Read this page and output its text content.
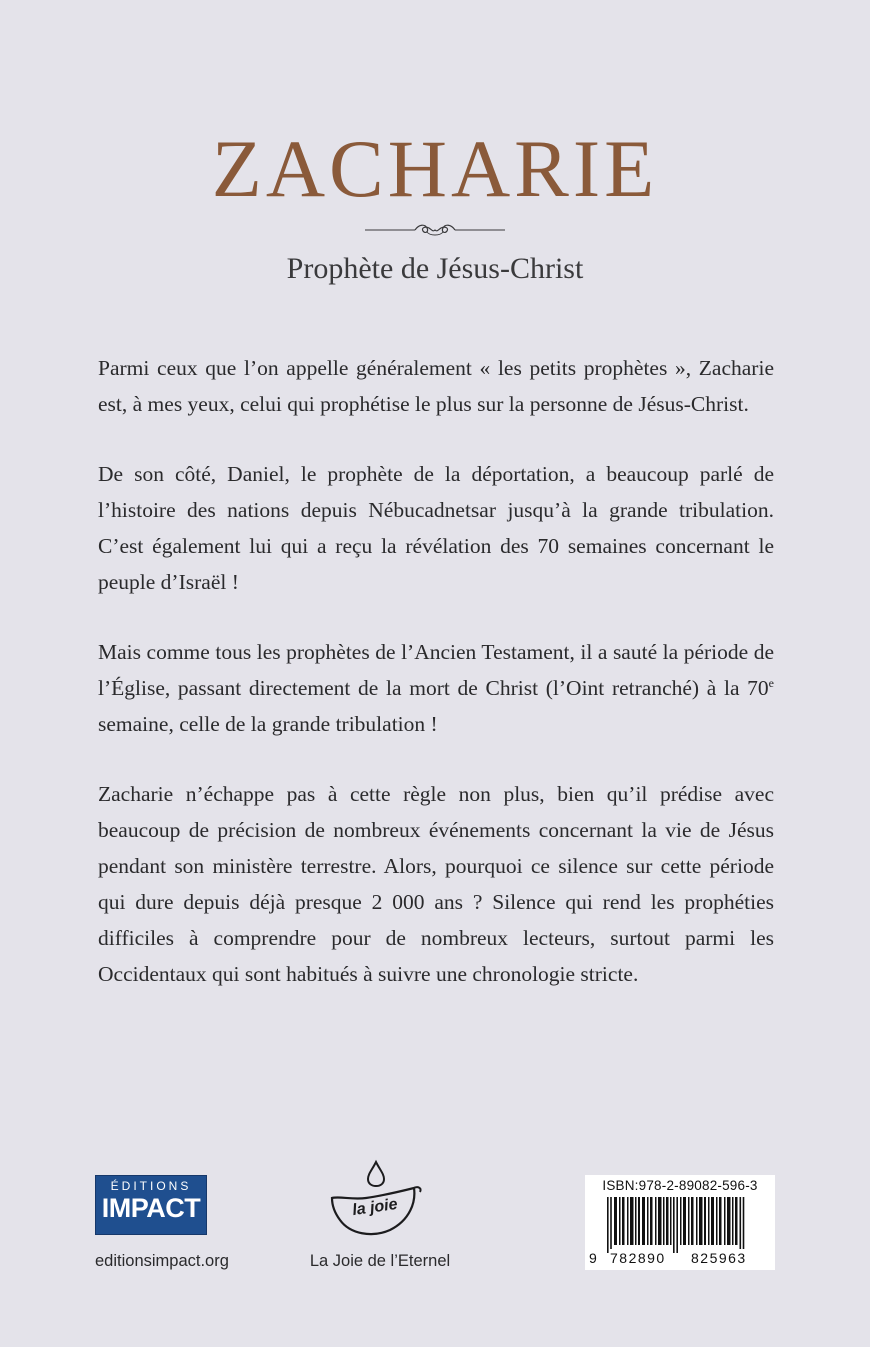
ZACHARIE
Prophète de Jésus-Christ

Parmi ceux que l’on appelle généralement « les petits prophètes », Zacharie est, à mes yeux, celui qui prophétise le plus sur la personne de Jésus-Christ.

De son côté, Daniel, le prophète de la déportation, a beaucoup parlé de l’histoire des nations depuis Nébucadnetsar jusqu’à la grande tribulation. C’est également lui qui a reçu la révélation des 70 semaines concernant le peuple d’Israël !

Mais comme tous les prophètes de l’Ancien Testament, il a sauté la période de l’Église, passant directement de la mort de Christ (l’Oint retranché) à la 70e semaine, celle de la grande tribulation !

Zacharie n’échappe pas à cette règle non plus, bien qu’il prédise avec beaucoup de précision de nombreux événements concernant la vie de Jésus pendant son ministère terrestre. Alors, pourquoi ce silence sur cette période qui dure depuis déjà presque 2 000 ans ? Silence qui rend les prophéties difficiles à comprendre pour de nombreux lecteurs, surtout parmi les Occidentaux qui sont habitués à suivre une chronologie stricte.

ÉDITIONS
IMPACT
editionsimpact.org
la joie
La Joie de l’Eternel
ISBN:978-2-89082-596-3
9 782890 825963
